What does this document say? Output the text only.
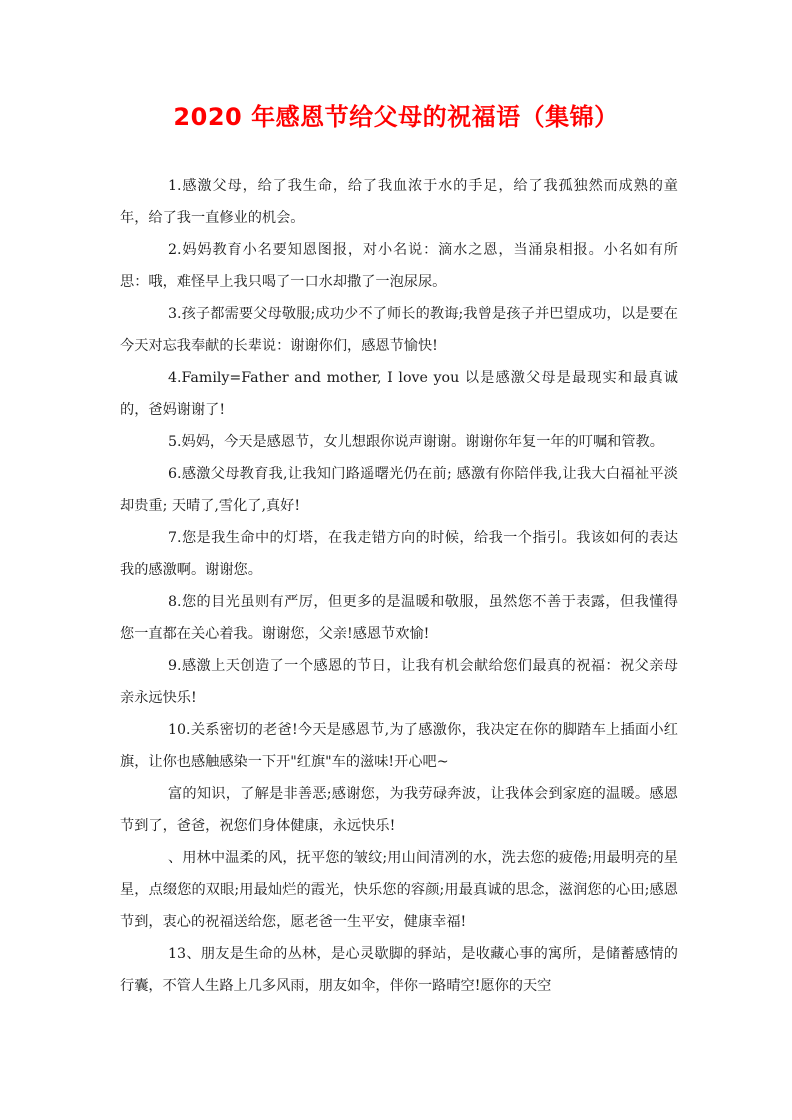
2020 年感恩节给父母的祝福语（集锦）

1.感激父母，给了我生命，给了我血浓于水的手足，给了我孤独然而成熟的童年，给了我一直修业的机会。

2.妈妈教育小名要知恩图报，对小名说：滴水之恩，当涌泉相报。小名如有所思：哦，难怪早上我只喝了一口水却撒了一泡尿尿。

3.孩子都需要父母敬服;成功少不了师长的教诲;我曾是孩子并巴望成功，以是要在今天对忘我奉献的长辈说：谢谢你们，感恩节愉快!

4.Family=Father and mother, I love you 以是感激父母是最现实和最真诚的，爸妈谢谢了!

5.妈妈，今天是感恩节，女儿想跟你说声谢谢。谢谢你年复一年的叮嘱和管教。

6.感激父母教育我,让我知门路遥曙光仍在前; 感激有你陪伴我,让我大白福祉平淡却贵重; 天晴了,雪化了,真好!

7.您是我生命中的灯塔，在我走错方向的时候，给我一个指引。我该如何的表达我的感激啊。谢谢您。

8.您的目光虽则有严厉，但更多的是温暖和敬服，虽然您不善于表露，但我懂得您一直都在关心着我。谢谢您，父亲!感恩节欢愉!

9.感激上天创造了一个感恩的节日，让我有机会献给您们最真的祝福：祝父亲母亲永远快乐!

10.关系密切的老爸!今天是感恩节,为了感激你，我决定在你的脚踏车上插面小红旗，让你也感触感染一下开"红旗"车的滋味!开心吧~

富的知识，了解是非善恶;感谢您，为我劳碌奔波，让我体会到家庭的温暖。感恩节到了，爸爸，祝您们身体健康，永远快乐!

、用林中温柔的风，抚平您的皱纹;用山间清冽的水，洗去您的疲倦;用最明亮的星星，点缀您的双眼;用最灿烂的霞光，快乐您的容颜;用最真诚的思念，滋润您的心田;感恩节到，衷心的祝福送给您，愿老爸一生平安，健康幸福!

13、朋友是生命的丛林，是心灵歇脚的驿站，是收藏心事的寓所，是储蓄感情的行囊，不管人生路上几多风雨，朋友如伞，伴你一路晴空!愿你的天空
